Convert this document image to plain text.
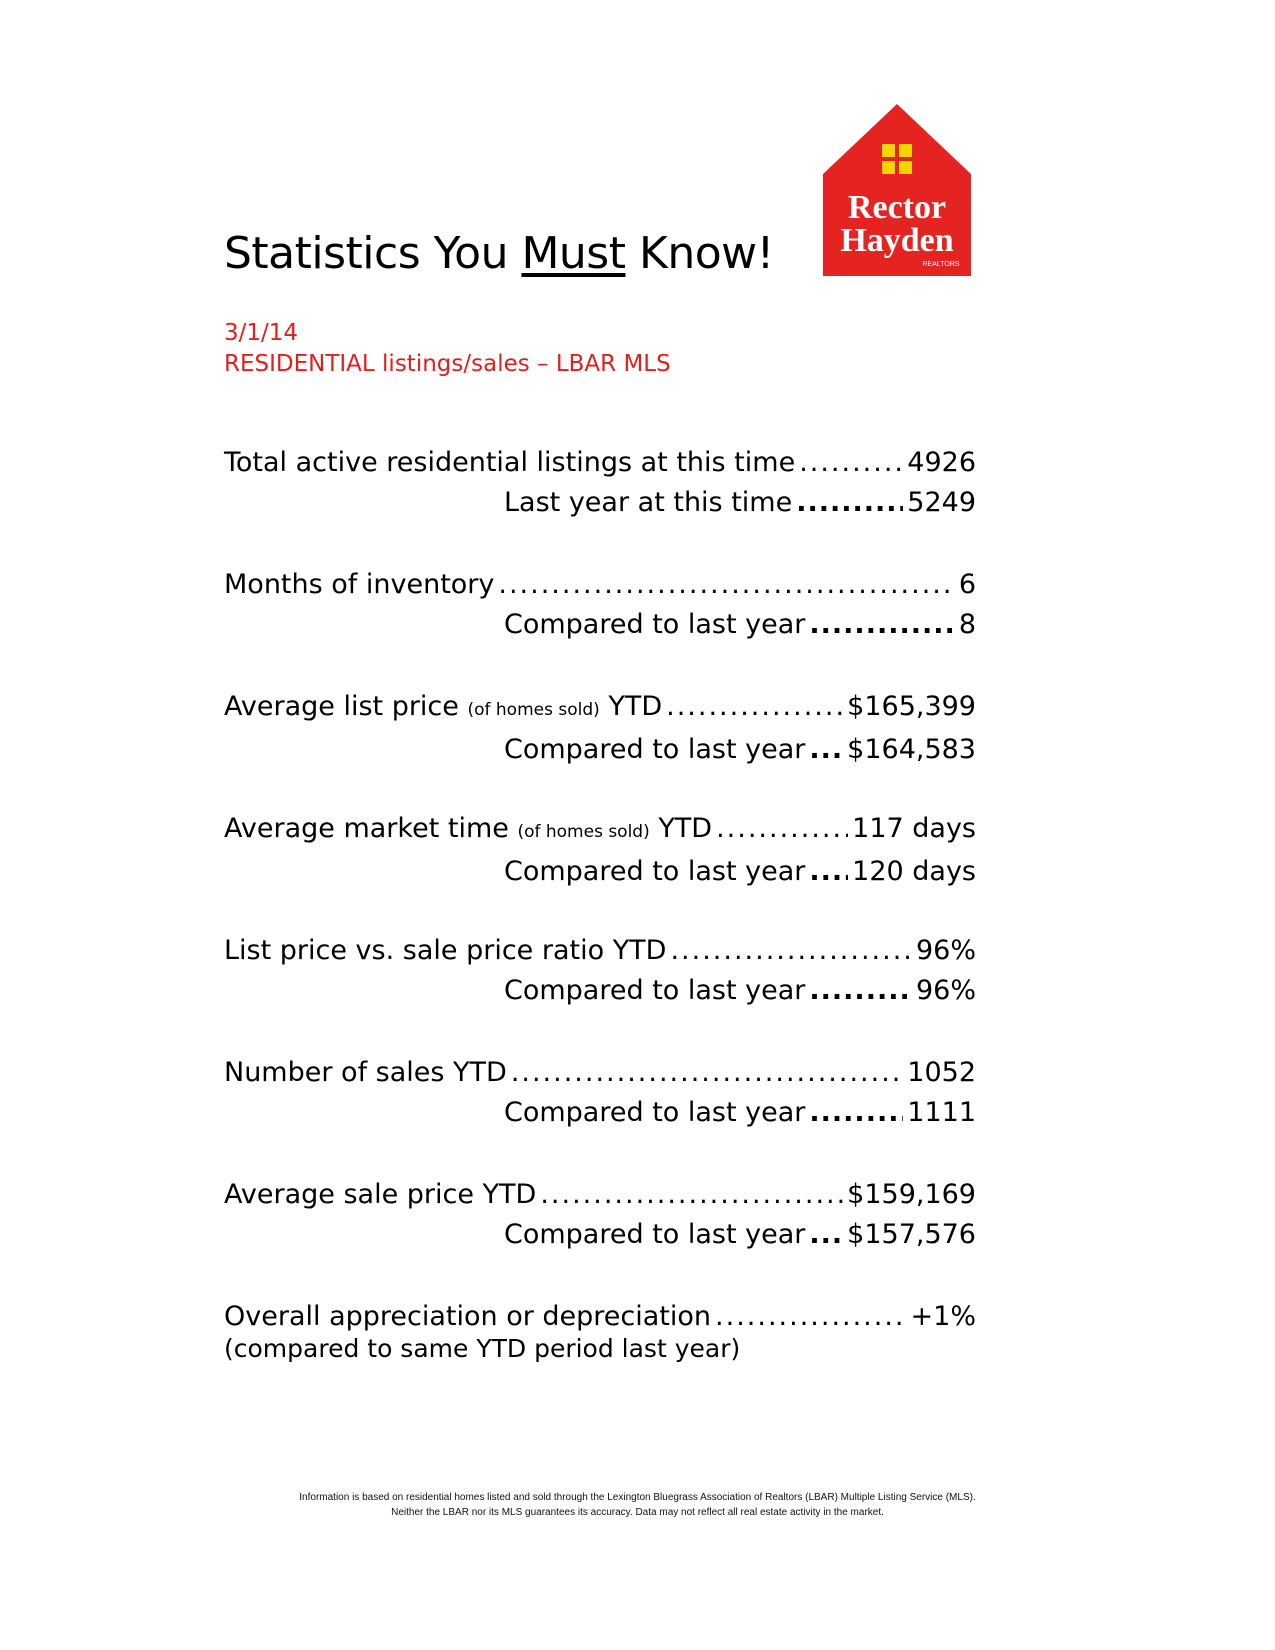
Statistics You Must Know!
Rector
Hayden
REALTORS
3/1/14
RESIDENTIAL listings/sales – LBAR MLS
Total active residential listings at this time .....	4926
Last year at this time .....	5249
Months of inventory .....	6
Compared to last year .....	8
Average list price (of homes sold) YTD .....	$165,399
Compared to last year ..... $164,583
Average market time (of homes sold) YTD .....	117 days
Compared to last year ..... 120 days
List price vs. sale price ratio YTD .....	96%
Compared to last year .....	96%
Number of sales YTD .....	1052
Compared to last year .....	1111
Average sale price YTD .....	$159,169
Compared to last year ..... $157,576
Overall appreciation or depreciation .....	+1%
(compared to same YTD period last year)
Information is based on residential homes listed and sold through the Lexington Bluegrass Association of Realtors (LBAR) Multiple Listing Service (MLS).
Neither the LBAR nor its MLS guarantees its accuracy. Data may not reflect all real estate activity in the market.
